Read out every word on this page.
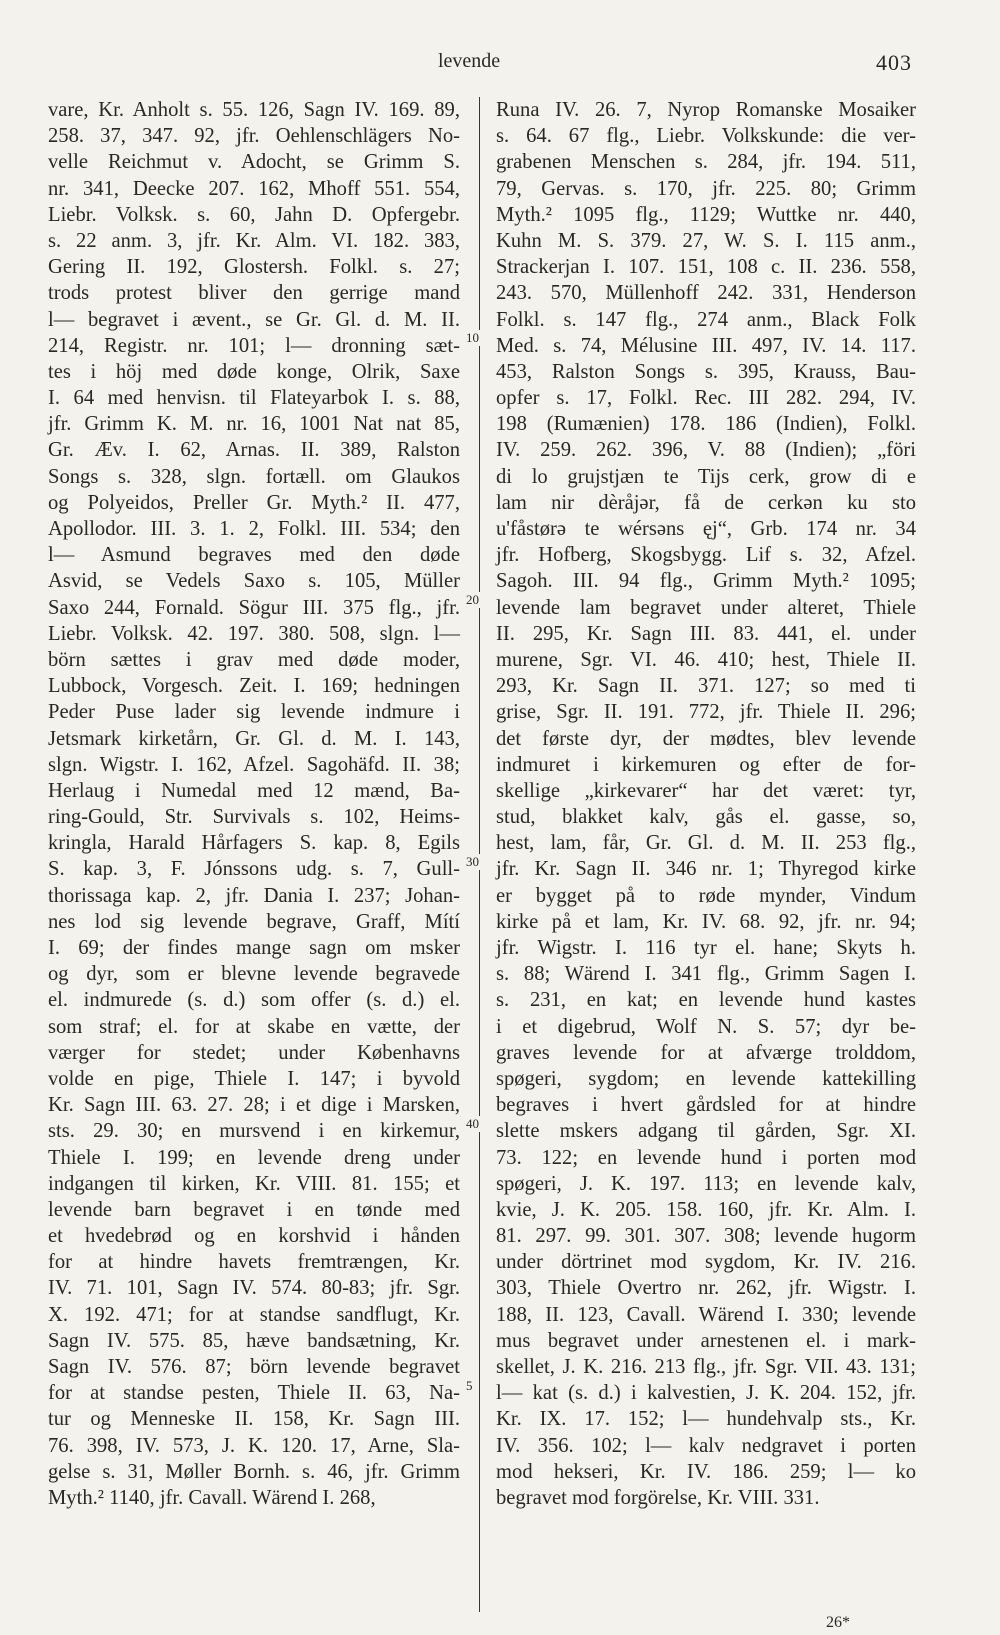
levende	403
vare, Kr. Anholt s. 55. 126, Sagn IV. 169. 89,
258. 37, 347. 92, jfr. Oehlenschlägers No-
velle Reichmut v. Adocht, se Grimm S.
nr. 341, Deecke 207. 162, Mhoff 551. 554,
Liebr. Volksk. s. 60, Jahn D. Opfergebr.
s. 22 anm. 3, jfr. Kr. Alm. VI. 182. 383,
Gering II. 192, Glostersh. Folkl. s. 27;
trods protest bliver den gerrige mand
l— begravet i ævent., se Gr. Gl. d. M. II.
214, Registr. nr. 101; l— dronning sæt-
tes i höj med døde konge, Olrik, Saxe
I. 64 med henvisn. til Flateyarbok I. s. 88,
jfr. Grimm K. M. nr. 16, 1001 Nat nat 85,
Gr. Æv. I. 62, Arnas. II. 389, Ralston
Songs s. 328, slgn. fortæll. om Glaukos
og Polyeidos, Preller Gr. Myth.² II. 477,
Apollodor. III. 3. 1. 2, Folkl. III. 534; den
l— Asmund begraves med den døde
Asvid, se Vedels Saxo s. 105, Müller
Saxo 244, Fornald. Sögur III. 375 flg., jfr.
Liebr. Volksk. 42. 197. 380. 508, slgn. l—
börn sættes i grav med døde moder,
Lubbock, Vorgesch. Zeit. I. 169; hedningen
Peder Puse lader sig levende indmure i
Jetsmark kirketårn, Gr. Gl. d. M. I. 143,
slgn. Wigstr. I. 162, Afzel. Sagohäfd. II. 38;
Herlaug i Numedal med 12 mænd, Ba-
ring-Gould, Str. Survivals s. 102, Heims-
kringla, Harald Hårfagers S. kap. 8, Egils
S. kap. 3, F. Jónssons udg. s. 7, Gull-
thorissaga kap. 2, jfr. Dania I. 237; Johan-
nes lod sig levende begrave, Graff, Mítí
I. 69; der findes mange sagn om msker
og dyr, som er blevne levende begravede
el. indmurede (s. d.) som offer (s. d.) el.
som straf; el. for at skabe en vætte, der
værger for stedet; under Københavns
volde en pige, Thiele I. 147; i byvold
Kr. Sagn III. 63. 27. 28; i et dige i Marsken,
sts. 29. 30; en mursvend i en kirkemur,
Thiele I. 199; en levende dreng under
indgangen til kirken, Kr. VIII. 81. 155; et
levende barn begravet i en tønde med
et hvedebrød og en korshvid i hånden
for at hindre havets fremtrængen, Kr.
IV. 71. 101, Sagn IV. 574. 80-83; jfr. Sgr.
X. 192. 471; for at standse sandflugt, Kr.
Sagn IV. 575. 85, hæve bandsætning, Kr.
Sagn IV. 576. 87; börn levende begravet
for at standse pesten, Thiele II. 63, Na-
tur og Menneske II. 158, Kr. Sagn III.
76. 398, IV. 573, J. K. 120. 17, Arne, Sla-
gelse s. 31, Møller Bornh. s. 46, jfr. Grimm
Myth.² 1140, jfr. Cavall. Wärend I. 268,
Runa IV. 26. 7, Nyrop Romanske Mosaiker
s. 64. 67 flg., Liebr. Volkskunde: die ver-
grabenen Menschen s. 284, jfr. 194. 511,
79, Gervas. s. 170, jfr. 225. 80; Grimm
Myth.² 1095 flg., 1129; Wuttke nr. 440,
Kuhn M. S. 379. 27, W. S. I. 115 anm.,
Strackerjan I. 107. 151, 108 c. II. 236. 558,
243. 570, Müllenhoff 242. 331, Henderson
Folkl. s. 147 flg., 274 anm., Black Folk
Med. s. 74, Mélusine III. 497, IV. 14. 117.
453, Ralston Songs s. 395, Krauss, Bau-
opfer s. 17, Folkl. Rec. III 282. 294, IV.
198 (Rumænien) 178. 186 (Indien), Folkl.
IV. 259. 262. 396, V. 88 (Indien); „föri
di lo grujstjæn te Tijs cerk, grow di e
lam nir dèråjər, få de cerkən ku sto
u'fåstørə te wérsəns ęj“, Grb. 174 nr. 34
jfr. Hofberg, Skogsbygg. Lif s. 32, Afzel.
Sagoh. III. 94 flg., Grimm Myth.² 1095;
levende lam begravet under alteret, Thiele
II. 295, Kr. Sagn III. 83. 441, el. under
murene, Sgr. VI. 46. 410; hest, Thiele II.
293, Kr. Sagn II. 371. 127; so med ti
grise, Sgr. II. 191. 772, jfr. Thiele II. 296;
det første dyr, der mødtes, blev levende
indmuret i kirkemuren og efter de for-
skellige „kirkevarer“ har det været: tyr,
stud, blakket kalv, gås el. gasse, so,
hest, lam, får, Gr. Gl. d. M. II. 253 flg.,
jfr. Kr. Sagn II. 346 nr. 1; Thyregod kirke
er bygget på to røde mynder, Vindum
kirke på et lam, Kr. IV. 68. 92, jfr. nr. 94;
jfr. Wigstr. I. 116 tyr el. hane; Skyts h.
s. 88; Wärend I. 341 flg., Grimm Sagen I.
s. 231, en kat; en levende hund kastes
i et digebrud, Wolf N. S. 57; dyr be-
graves levende for at afværge trolddom,
spøgeri, sygdom; en levende kattekilling
begraves i hvert gårdsled for at hindre
slette mskers adgang til gården, Sgr. XI.
73. 122; en levende hund i porten mod
spøgeri, J. K. 197. 113; en levende kalv,
kvie, J. K. 205. 158. 160, jfr. Kr. Alm. I.
81. 297. 99. 301. 307. 308; levende hugorm
under dörtrinet mod sygdom, Kr. IV. 216.
303, Thiele Overtro nr. 262, jfr. Wigstr. I.
188, II. 123, Cavall. Wärend I. 330; levende
mus begravet under arnestenen el. i mark-
skellet, J. K. 216. 213 flg., jfr. Sgr. VII. 43. 131;
l— kat (s. d.) i kalvestien, J. K. 204. 152, jfr.
Kr. IX. 17. 152; l— hundehvalp sts., Kr.
IV. 356. 102; l— kalv nedgravet i porten
mod hekseri, Kr. IV. 186. 259; l— ko
begravet mod forgörelse, Kr. VIII. 331.
10
20
30
40
5
26*
